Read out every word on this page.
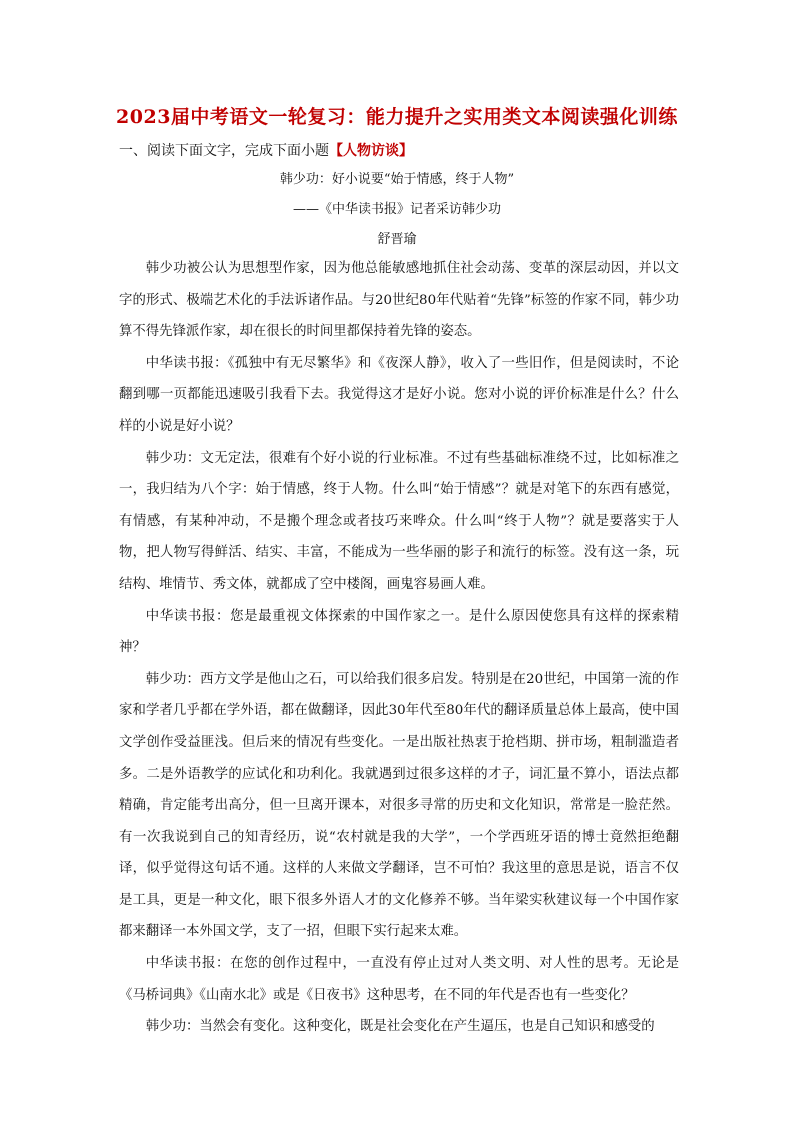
2023届中考语文一轮复习：能力提升之实用类文本阅读强化训练

一、阅读下面文字，完成下面小题【人物访谈】

韩少功：好小说要“始于情感，终于人物”

——《中华读书报》记者采访韩少功

舒晋瑜

韩少功被公认为思想型作家，因为他总能敏感地抓住社会动荡、变革的深层动因，并以文字的形式、极端艺术化的手法诉诸作品。与20世纪80年代贴着“先锋”标签的作家不同，韩少功算不得先锋派作家，却在很长的时间里都保持着先锋的姿态。

中华读书报：《孤独中有无尽繁华》和《夜深人静》，收入了一些旧作，但是阅读时，不论翻到哪一页都能迅速吸引我看下去。我觉得这才是好小说。您对小说的评价标准是什么？什么样的小说是好小说？

韩少功：文无定法，很难有个好小说的行业标准。不过有些基础标准绕不过，比如标准之一，我归结为八个字：始于情感，终于人物。什么叫“始于情感”？就是对笔下的东西有感觉，有情感，有某种冲动，不是搬个理念或者技巧来哗众。什么叫“终于人物”？就是要落实于人物，把人物写得鲜活、结实、丰富，不能成为一些华丽的影子和流行的标签。没有这一条，玩结构、堆情节、秀文体，就都成了空中楼阁，画鬼容易画人难。

中华读书报：您是最重视文体探索的中国作家之一。是什么原因使您具有这样的探索精神？

韩少功：西方文学是他山之石，可以给我们很多启发。特别是在20世纪，中国第一流的作家和学者几乎都在学外语，都在做翻译，因此30年代至80年代的翻译质量总体上最高，使中国文学创作受益匪浅。但后来的情况有些变化。一是出版社热衷于抢档期、拼市场，粗制滥造者多。二是外语教学的应试化和功利化。我就遇到过很多这样的才子，词汇量不算小，语法点都精确，肯定能考出高分，但一旦离开课本，对很多寻常的历史和文化知识，常常是一脸茫然。有一次我说到自己的知青经历，说“农村就是我的大学”，一个学西班牙语的博士竟然拒绝翻译，似乎觉得这句话不通。这样的人来做文学翻译，岂不可怕？我这里的意思是说，语言不仅是工具，更是一种文化，眼下很多外语人才的文化修养不够。当年梁实秋建议每一个中国作家都来翻译一本外国文学，支了一招，但眼下实行起来太难。

中华读书报：在您的创作过程中，一直没有停止过对人类文明、对人性的思考。无论是《马桥词典》《山南水北》或是《日夜书》这种思考，在不同的年代是否也有一些变化？

韩少功：当然会有变化。这种变化，既是社会变化在产生逼压，也是自己知识和感受的
